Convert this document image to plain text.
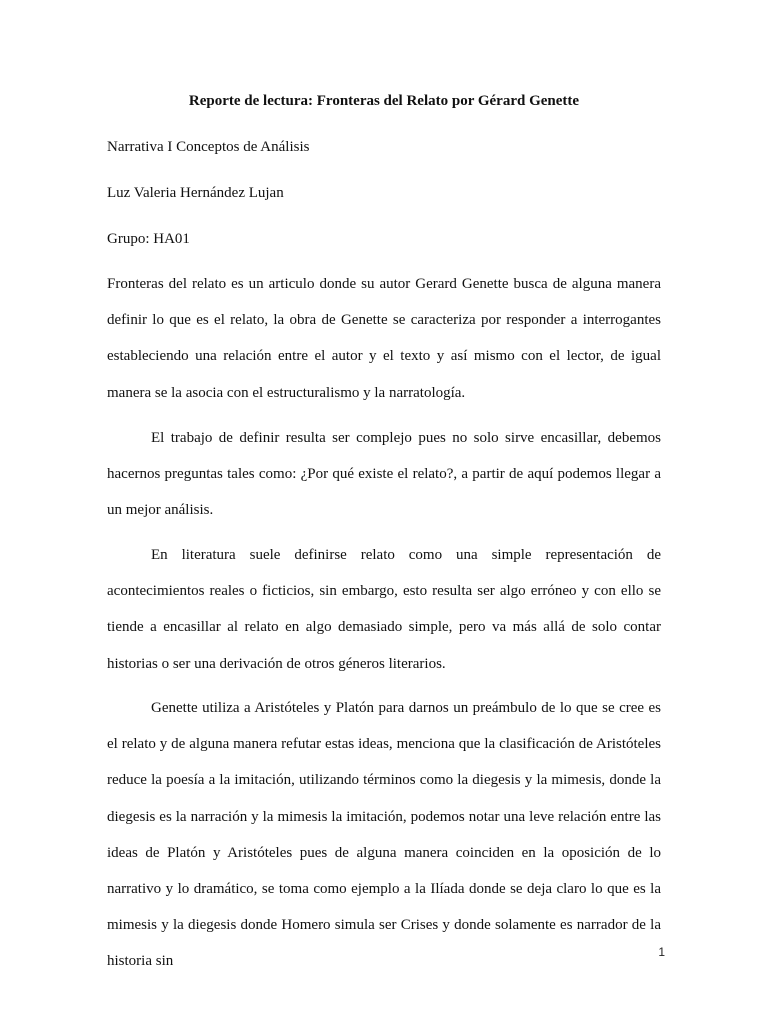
Reporte de lectura: Fronteras del Relato por Gérard Genette
Narrativa I Conceptos de Análisis
Luz Valeria Hernández Lujan
Grupo: HA01

Fronteras del relato es un articulo donde su autor Gerard Genette busca de alguna manera definir lo que es el relato, la obra de Genette se caracteriza por responder a interrogantes estableciendo una relación entre el autor y el texto y así mismo con el lector, de igual manera se la asocia con el estructuralismo y la narratología.

El trabajo de definir resulta ser complejo pues no solo sirve encasillar, debemos hacernos preguntas tales como: ¿Por qué existe el relato?, a partir de aquí podemos llegar a un mejor análisis.

En literatura suele definirse relato como una simple representación de acontecimientos reales o ficticios, sin embargo, esto resulta ser algo erróneo y con ello se tiende a encasillar al relato en algo demasiado simple, pero va más allá de solo contar historias o ser una derivación de otros géneros literarios.

Genette utiliza a Aristóteles y Platón para darnos un preámbulo de lo que se cree es el relato y de alguna manera refutar estas ideas, menciona que la clasificación de Aristóteles reduce la poesía a la imitación, utilizando términos como la diegesis y la mimesis, donde la diegesis es la narración y la mimesis la imitación, podemos notar una leve relación entre las ideas de Platón y Aristóteles pues de alguna manera coinciden en la oposición de lo narrativo y lo dramático, se toma como ejemplo a la Ilíada donde se deja claro lo que es la mimesis y la diegesis donde Homero simula ser Crises y donde solamente es narrador de la historia sin

1
